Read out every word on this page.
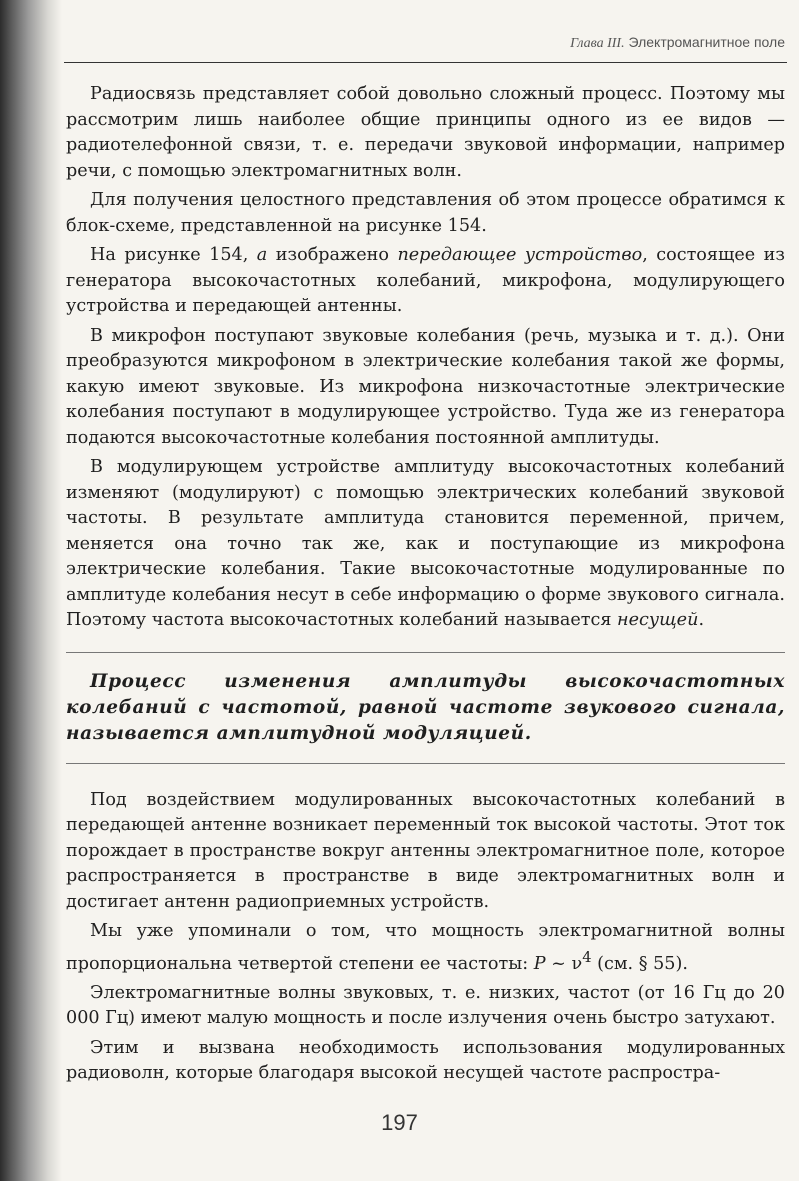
Глава III. Электромагнитное поле

Радиосвязь представляет собой довольно сложный процесс. Поэтому мы рассмотрим лишь наиболее общие принципы одного из ее видов — радиотелефонной связи, т. е. передачи звуковой информации, например речи, с помощью электромагнитных волн.

Для получения целостного представления об этом процессе обратимся к блок-схеме, представленной на рисунке 154.

На рисунке 154, а изображено передающее устройство, состоящее из генератора высокочастотных колебаний, микрофона, модулирующего устройства и передающей антенны.

В микрофон поступают звуковые колебания (речь, музыка и т. д.). Они преобразуются микрофоном в электрические колебания такой же формы, какую имеют звуковые. Из микрофона низкочастотные электрические колебания поступают в модулирующее устройство. Туда же из генератора подаются высокочастотные колебания постоянной амплитуды.

В модулирующем устройстве амплитуду высокочастотных колебаний изменяют (модулируют) с помощью электрических колебаний звуковой частоты. В результате амплитуда становится переменной, причем, меняется она точно так же, как и поступающие из микрофона электрические колебания. Такие высокочастотные модулированные по амплитуде колебания несут в себе информацию о форме звукового сигнала. Поэтому частота высокочастотных колебаний называется несущей.

Процесс изменения амплитуды высокочастотных колебаний с частотой, равной частоте звукового сигнала, называется амплитудной модуляцией.

Под воздействием модулированных высокочастотных колебаний в передающей антенне возникает переменный ток высокой частоты. Этот ток порождает в пространстве вокруг антенны электромагнитное поле, которое распространяется в пространстве в виде электромагнитных волн и достигает антенн радиоприемных устройств.

Мы уже упоминали о том, что мощность электромагнитной волны пропорциональна четвертой степени ее частоты: P ~ $\nu^4$ (см. § 55).

Электромагнитные волны звуковых, т. е. низких, частот (от 16 Гц до 20 000 Гц) имеют малую мощность и после излучения очень быстро затухают.

Этим и вызвана необходимость использования модулированных радиоволн, которые благодаря высокой несущей частоте распростра-

197
